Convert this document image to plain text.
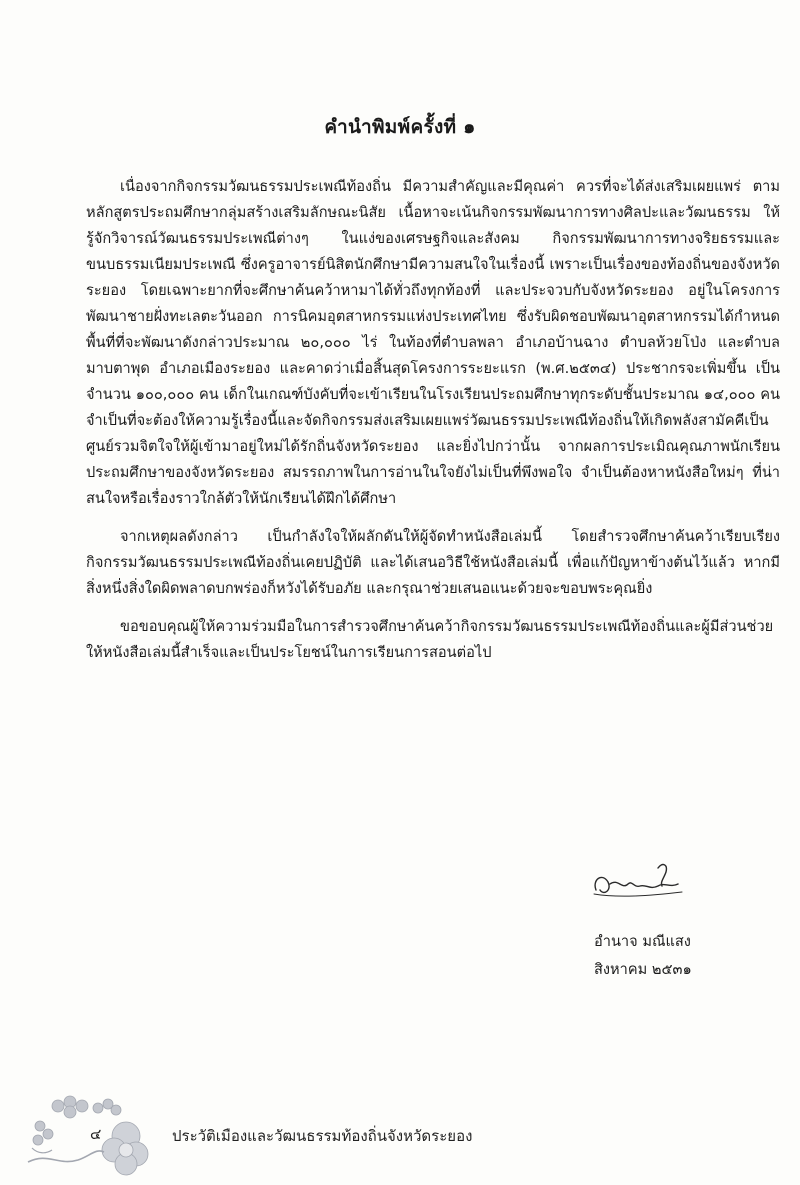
คำนำพิมพ์ครั้งที่ ๑

เนื่องจากกิจกรรมวัฒนธรรมประเพณีท้องถิ่น มีความสำคัญและมีคุณค่า ควรที่จะได้ส่งเสริมเผยแพร่ ตามหลักสูตรประถมศึกษากลุ่มสร้างเสริมลักษณะนิสัย เนื้อหาจะเน้นกิจกรรมพัฒนาการทางศิลปะและวัฒนธรรม ให้รู้จักวิจารณ์วัฒนธรรมประเพณีต่างๆ ในแง่ของเศรษฐกิจและสังคม กิจกรรมพัฒนาการทางจริยธรรมและขนบธรรมเนียมประเพณี ซึ่งครูอาจารย์นิสิตนักศึกษามีความสนใจในเรื่องนี้ เพราะเป็นเรื่องของท้องถิ่นของจังหวัดระยอง โดยเฉพาะยากที่จะศึกษาค้นคว้าหามาได้ทั่วถึงทุกท้องที่ และประจวบกับจังหวัดระยอง อยู่ในโครงการพัฒนาชายฝั่งทะเลตะวันออก การนิคมอุตสาหกรรมแห่งประเทศไทย ซึ่งรับผิดชอบพัฒนาอุตสาหกรรมได้กำหนดพื้นที่ที่จะพัฒนาดังกล่าวประมาณ ๒๐,๐๐๐ ไร่ ในท้องที่ตำบลพลา อำเภอบ้านฉาง ตำบลห้วยโป่ง และตำบลมาบตาพุด อำเภอเมืองระยอง และคาดว่าเมื่อสิ้นสุดโครงการระยะแรก (พ.ศ.๒๕๓๔) ประชากรจะเพิ่มขึ้น เป็นจำนวน ๑๐๐,๐๐๐ คน เด็กในเกณฑ์บังคับที่จะเข้าเรียนในโรงเรียนประถมศึกษาทุกระดับชั้นประมาณ ๑๔,๐๐๐ คน จำเป็นที่จะต้องให้ความรู้เรื่องนี้และจัดกิจกรรมส่งเสริมเผยแพร่วัฒนธรรมประเพณีท้องถิ่นให้เกิดพลังสามัคคีเป็นศูนย์รวมจิตใจให้ผู้เข้ามาอยู่ใหม่ได้รักถิ่นจังหวัดระยอง และยิ่งไปกว่านั้น จากผลการประเมิณคุณภาพนักเรียนประถมศึกษาของจังหวัดระยอง สมรรถภาพในการอ่านในใจยังไม่เป็นที่พึงพอใจ จำเป็นต้องหาหนังสือใหม่ๆ ที่น่าสนใจหรือเรื่องราวใกล้ตัวให้นักเรียนได้ฝึกได้ศึกษา

จากเหตุผลดังกล่าว เป็นกำลังใจให้ผลักดันให้ผู้จัดทำหนังสือเล่มนี้ โดยสำรวจศึกษาค้นคว้าเรียบเรียงกิจกรรมวัฒนธรรมประเพณีท้องถิ่นเคยปฏิบัติ และได้เสนอวิธีใช้หนังสือเล่มนี้ เพื่อแก้ปัญหาข้างต้นไว้แล้ว หากมีสิ่งหนึ่งสิ่งใดผิดพลาดบกพร่องก็หวังได้รับอภัย และกรุณาช่วยเสนอแนะด้วยจะขอบพระคุณยิ่ง

ขอขอบคุณผู้ให้ความร่วมมือในการสำรวจศึกษาค้นคว้ากิจกรรมวัฒนธรรมประเพณีท้องถิ่นและผู้มีส่วนช่วยให้หนังสือเล่มนี้สำเร็จและเป็นประโยชน์ในการเรียนการสอนต่อไป

อำนาจ มณีแสง
สิงหาคม ๒๕๓๑
๔	ประวัติเมืองและวัฒนธรรมท้องถิ่นจังหวัดระยอง
